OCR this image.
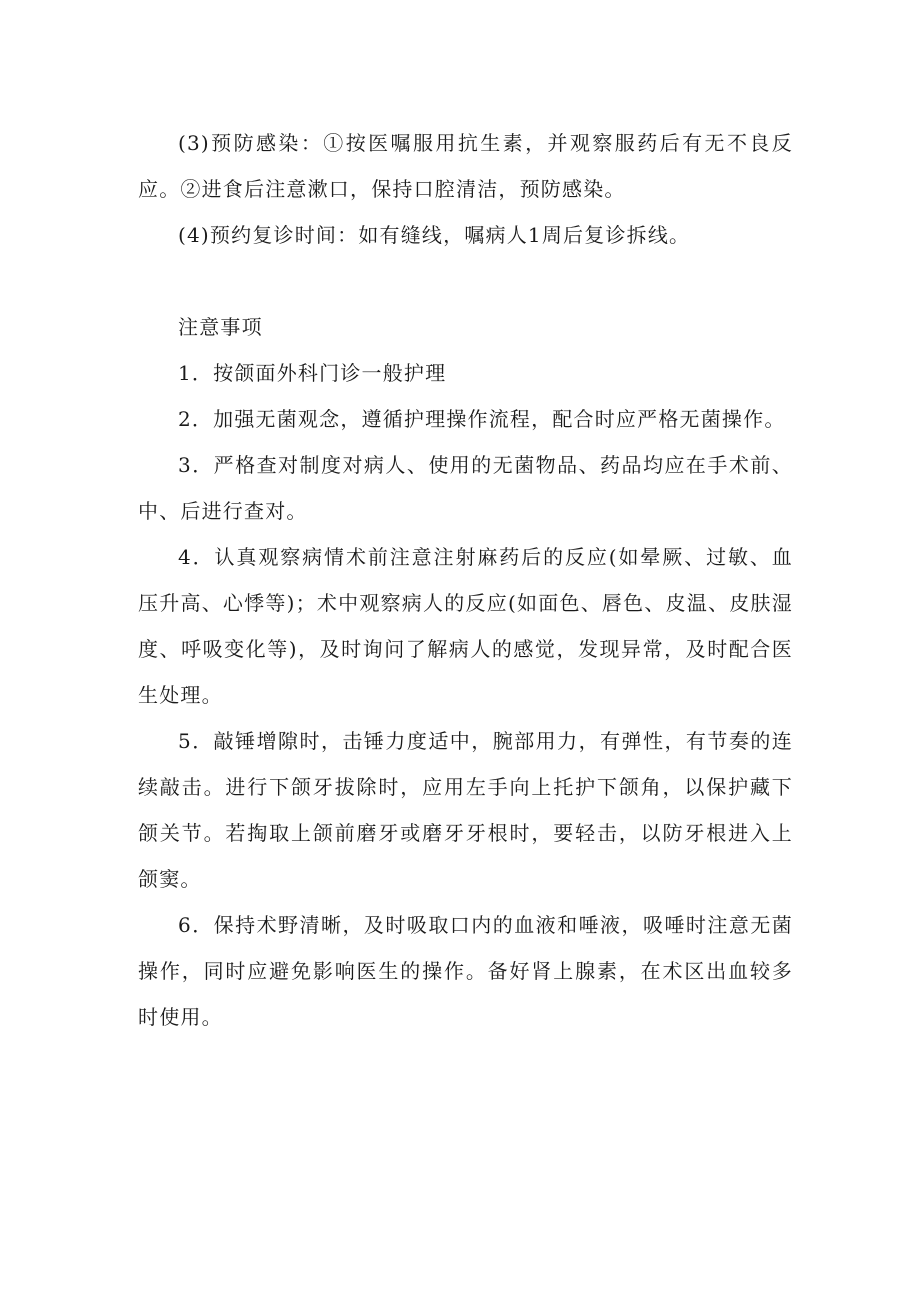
(3)预防感染：①按医嘱服用抗生素，并观察服药后有无不良反应。②进食后注意漱口，保持口腔清洁，预防感染。

(4)预约复诊时间：如有缝线，嘱病人1周后复诊拆线。

注意事项

1．按颌面外科门诊一般护理

2．加强无菌观念，遵循护理操作流程，配合时应严格无菌操作。

3．严格查对制度对病人、使用的无菌物品、药品均应在手术前、中、后进行查对。

4．认真观察病情术前注意注射麻药后的反应(如晕厥、过敏、血压升高、心悸等)；术中观察病人的反应(如面色、唇色、皮温、皮肤湿度、呼吸变化等)，及时询问了解病人的感觉，发现异常，及时配合医生处理。

5．敲锤增隙时，击锤力度适中，腕部用力，有弹性，有节奏的连续敲击。进行下颌牙拔除时，应用左手向上托护下颌角，以保护藏下颌关节。若掏取上颌前磨牙或磨牙牙根时，要轻击，以防牙根进入上颌窦。

6．保持术野清晰，及时吸取口内的血液和唾液，吸唾时注意无菌操作，同时应避免影响医生的操作。备好肾上腺素，在术区出血较多时使用。
